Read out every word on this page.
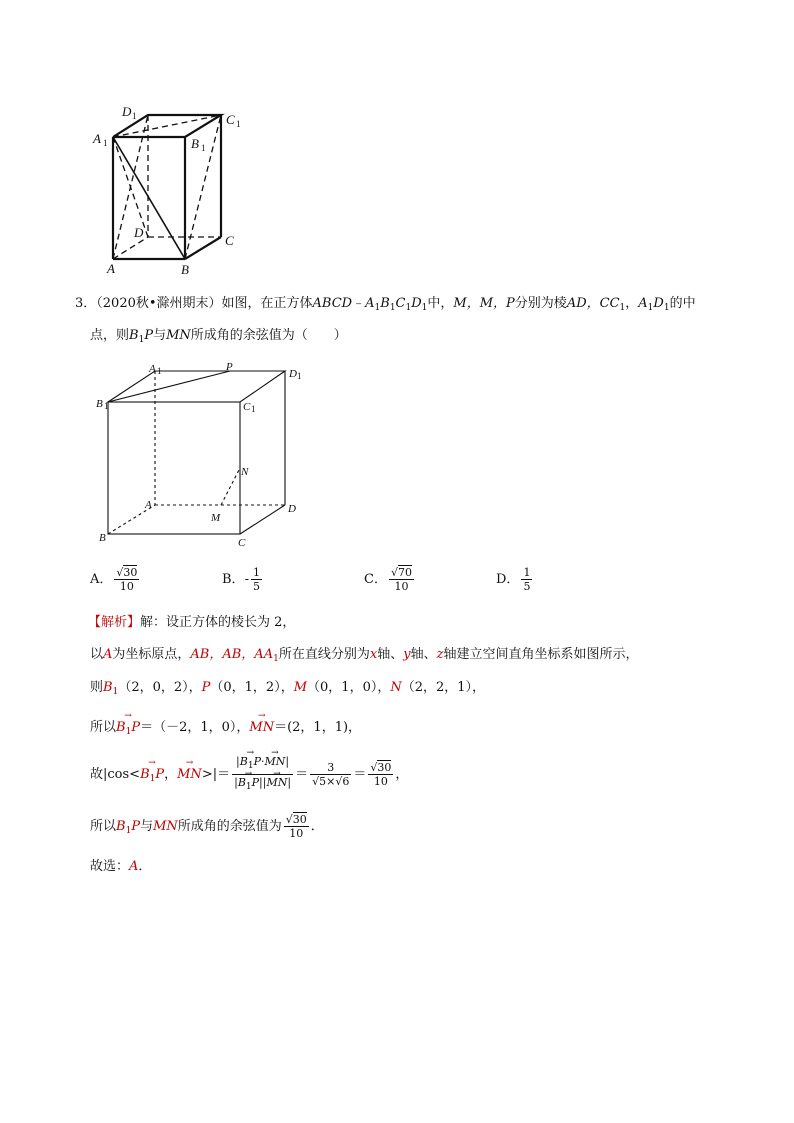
D 1	C 1
A 1	B 1
D
C
A	B
A 1	P
D 1
B 1	C 1
N
A
M
D
B	C
3．（2020秋•滁州期末）如图，在正方体$ABCD﹣A_1B_1C_1D_1$中，M，M，P分别为棱AD，$CC_1$，$A_1D_1$的中
点，则$B_1P$与MN所成角的余弦值为（　　）
A． √ $\frac{30}{10}$	B．- $\frac{1}{5}$	C． √ $\frac{70}{10}$	D． $\frac{1}{5}$
【解析】解：设正方体的棱长为 2，
以A为坐标原点，AB，AB，$AA_1$所在直线分别为x轴、y轴、z轴建立空间直角坐标系如图所示，
则$B_1(2$，0，2），P（0，1，2），M（0，1，0），N（2，2，1），
所以→ $B_1P=(-2$，1，0），→ MN＝(2，1，1)，
故$|\cos<\to B_1P$，→ $MN>|= \frac{|\to B_1P\cdot\to MN|}{|\to B_1P||\to MN|} = 3$
√ 5× √ 6 ＝ √ $\frac{30}{10}$ ，
所以$B_1P$与MN所成角的余弦值为 √ $\frac{30}{10}$ ．
故选：A．
